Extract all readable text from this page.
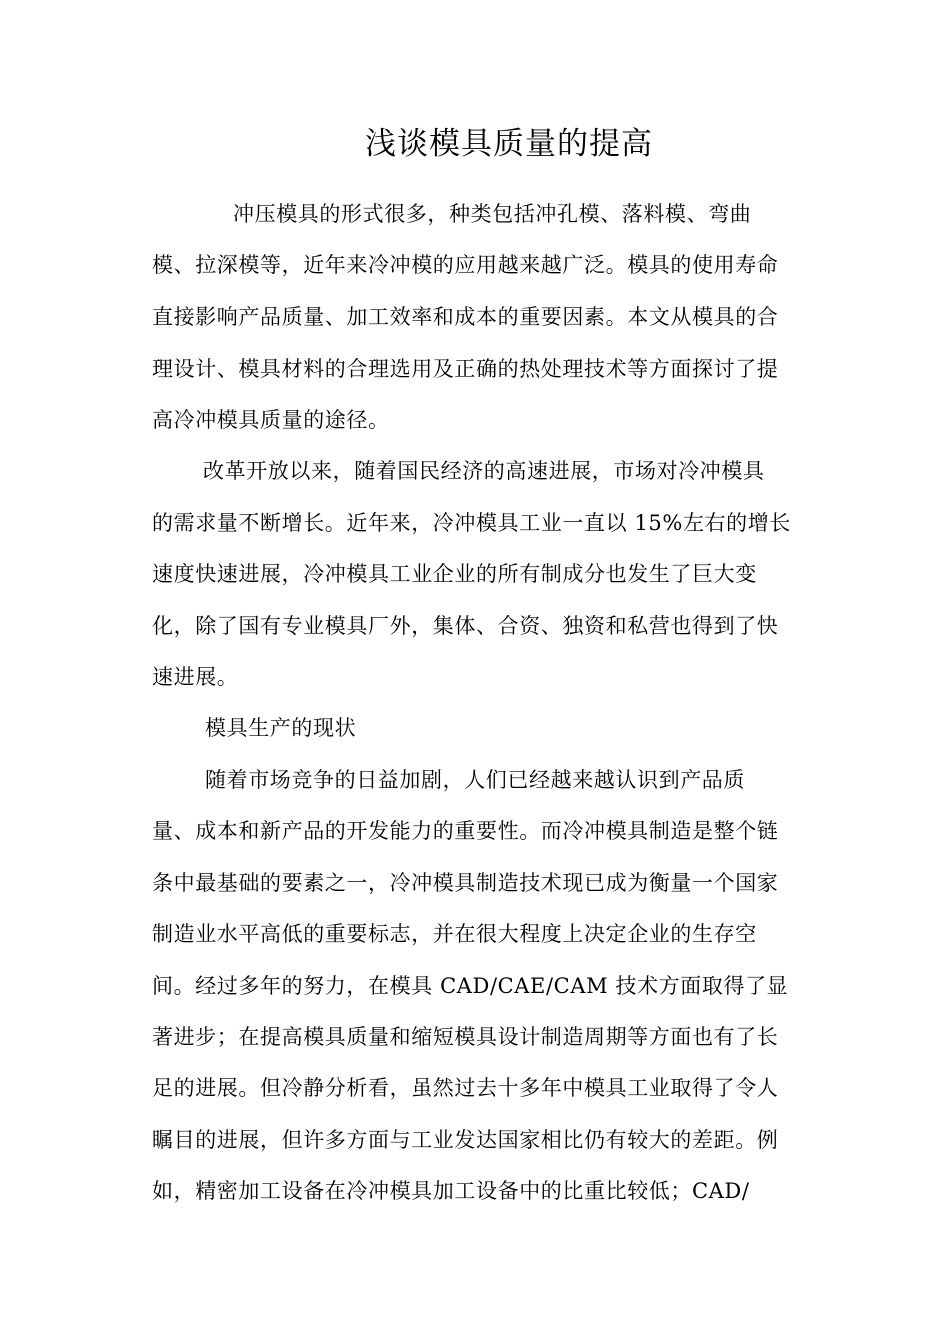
浅谈模具质量的提高
冲压模具的形式很多，种类包括冲孔模、落料模、弯曲
模、拉深模等，近年来冷冲模的应用越来越广泛。模具的使用寿命
直接影响产品质量、加工效率和成本的重要因素。本文从模具的合
理设计、模具材料的合理选用及正确的热处理技术等方面探讨了提
高冷冲模具质量的途径。
改革开放以来，随着国民经济的高速进展，市场对冷冲模具
的需求量不断增长。近年来，冷冲模具工业一直以 15%左右的增长
速度快速进展，冷冲模具工业企业的所有制成分也发生了巨大变
化，除了国有专业模具厂外，集体、合资、独资和私营也得到了快
速进展。
模具生产的现状
随着市场竞争的日益加剧，人们已经越来越认识到产品质
量、成本和新产品的开发能力的重要性。而冷冲模具制造是整个链
条中最基础的要素之一，冷冲模具制造技术现已成为衡量一个国家
制造业水平高低的重要标志，并在很大程度上决定企业的生存空
间。经过多年的努力，在模具 CAD/CAE/CAM 技术方面取得了显
著进步；在提高模具质量和缩短模具设计制造周期等方面也有了长
足的进展。但冷静分析看，虽然过去十多年中模具工业取得了令人
瞩目的进展，但许多方面与工业发达国家相比仍有较大的差距。例
如，精密加工设备在冷冲模具加工设备中的比重比较低；CAD/
